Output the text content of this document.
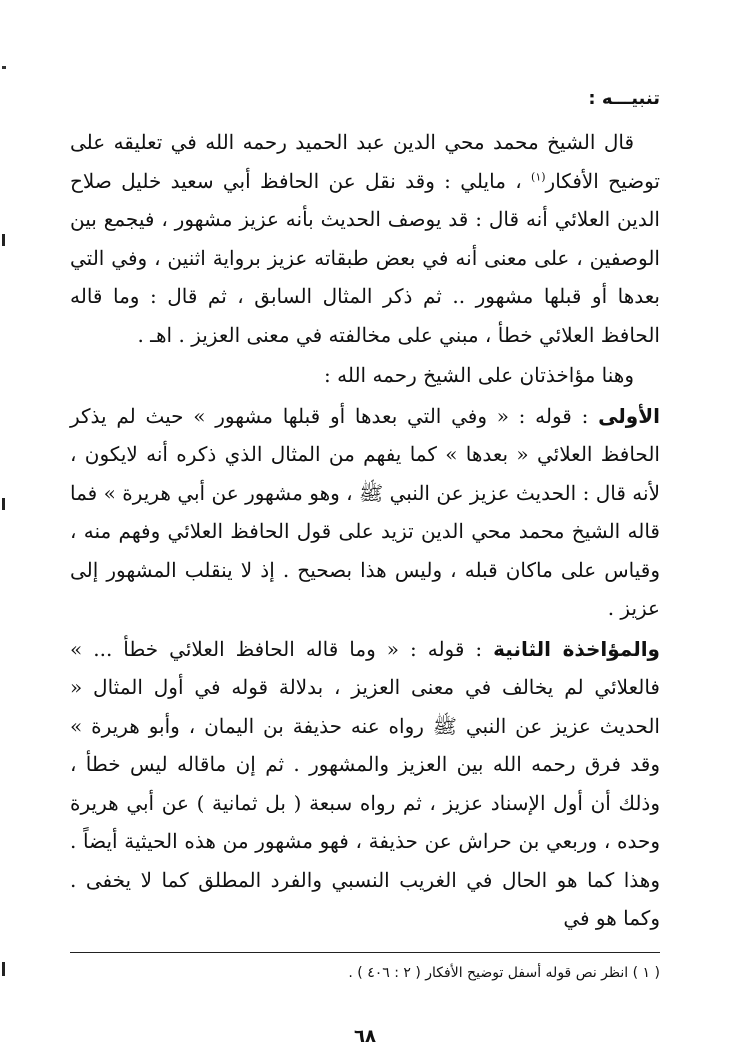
تنبيـــه :

قال الشيخ محمد محي الدين عبد الحميد رحمه الله في تعليقه على توضيح الأفكار$^{(١)}$ ، مايلي : وقد نقل عن الحافظ أبي سعيد خليل صلاح الدين العلائي أنه قال : قد يوصف الحديث بأنه عزيز مشهور ، فيجمع بين الوصفين ، على معنى أنه في بعض طبقاته عزيز برواية اثنين ، وفي التي بعدها أو قبلها مشهور .. ثم ذكر المثال السابق ، ثم قال : وما قاله الحافظ العلائي خطأ ، مبني على مخالفته في معنى العزيز . اهـ .

وهنا مؤاخذتان على الشيخ رحمه الله :

الأولى : قوله : « وفي التي بعدها أو قبلها مشهور » حيث لم يذكر الحافظ العلائي « بعدها » كما يفهم من المثال الذي ذكره أنه لايكون ، لأنه قال : الحديث عزيز عن النبي ﷺ ، وهو مشهور عن أبي هريرة » فما قاله الشيخ محمد محي الدين تزيد على قول الحافظ العلائي وفهم منه ، وقياس على ماكان قبله ، وليس هذا بصحيح . إذ لا ينقلب المشهور إلى عزيز .

والمؤاخذة الثانية : قوله : « وما قاله الحافظ العلائي خطأ ... » فالعلائي لم يخالف في معنى العزيز ، بدلالة قوله في أول المثال « الحديث عزيز عن النبي ﷺ رواه عنه حذيفة بن اليمان ، وأبو هريرة » وقد فرق رحمه الله بين العزيز والمشهور . ثم إن ماقاله ليس خطأ ، وذلك أن أول الإسناد عزيز ، ثم رواه سبعة ( بل ثمانية ) عن أبي هريرة وحده ، وربعي بن حراش عن حذيفة ، فهو مشهور من هذه الحيثية أيضاً . وهذا كما هو الحال في الغريب النسبي والفرد المطلق كما لا يخفى . وكما هو في

( ١ ) انظر نص قوله أسفل توضيح الأفكار ( ٢ : ٤٠٦ ) .
٦٨
